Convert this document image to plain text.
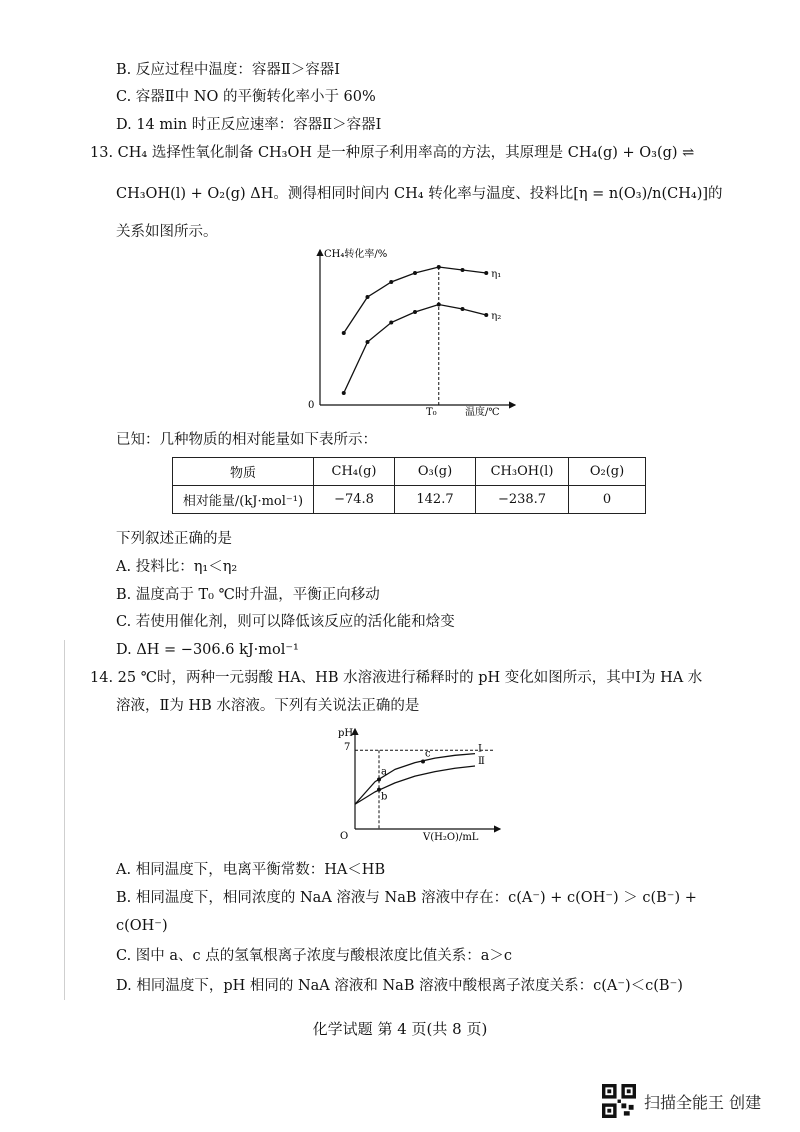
B. 反应过程中温度：容器Ⅱ＞容器Ⅰ
C. 容器Ⅱ中 NO 的平衡转化率小于 60%
D. 14 min 时正反应速率：容器Ⅱ＞容器Ⅰ
13. CH₄ 选择性氧化制备 CH₃OH 是一种原子利用率高的方法，其原理是 CH₄(g) + O₃(g) ⇌
CH₃OH(l) + O₂(g) ΔH。测得相同时间内 CH₄ 转化率与温度、投料比[η = n(O₃)/n(CH₄)]的
关系如图所示。
CH₄转化率/%
0
温度/℃
T₀
η₁
η₂
已知：几种物质的相对能量如下表所示：
物质	CH₄(g)	O₃(g)	CH₃OH(l)	O₂(g)
相对能量/(kJ·mol⁻¹)	−74.8	142.7	−238.7	0
下列叙述正确的是
A. 投料比：η₁＜η₂
B. 温度高于 T₀ ℃时升温，平衡正向移动
C. 若使用催化剂，则可以降低该反应的活化能和焓变
D. ΔH = −306.6 kJ·mol⁻¹
14. 25 ℃时，两种一元弱酸 HA、HB 水溶液进行稀释时的 pH 变化如图所示，其中Ⅰ为 HA 水
溶液，Ⅱ为 HB 水溶液。下列有关说法正确的是
pH
O	V(H₂O)/mL
7	Ⅰ
Ⅱ
a
b
c
A. 相同温度下，电离平衡常数：HA＜HB
B. 相同温度下，相同浓度的 NaA 溶液与 NaB 溶液中存在：c(A⁻) + c(OH⁻) ＞ c(B⁻) +
c(OH⁻)
C. 图中 a、c 点的氢氧根离子浓度与酸根浓度比值关系：a＞c
D. 相同温度下，pH 相同的 NaA 溶液和 NaB 溶液中酸根离子浓度关系：c(A⁻)＜c(B⁻)
化学试题 第 4 页(共 8 页)
扫描全能王 创建
